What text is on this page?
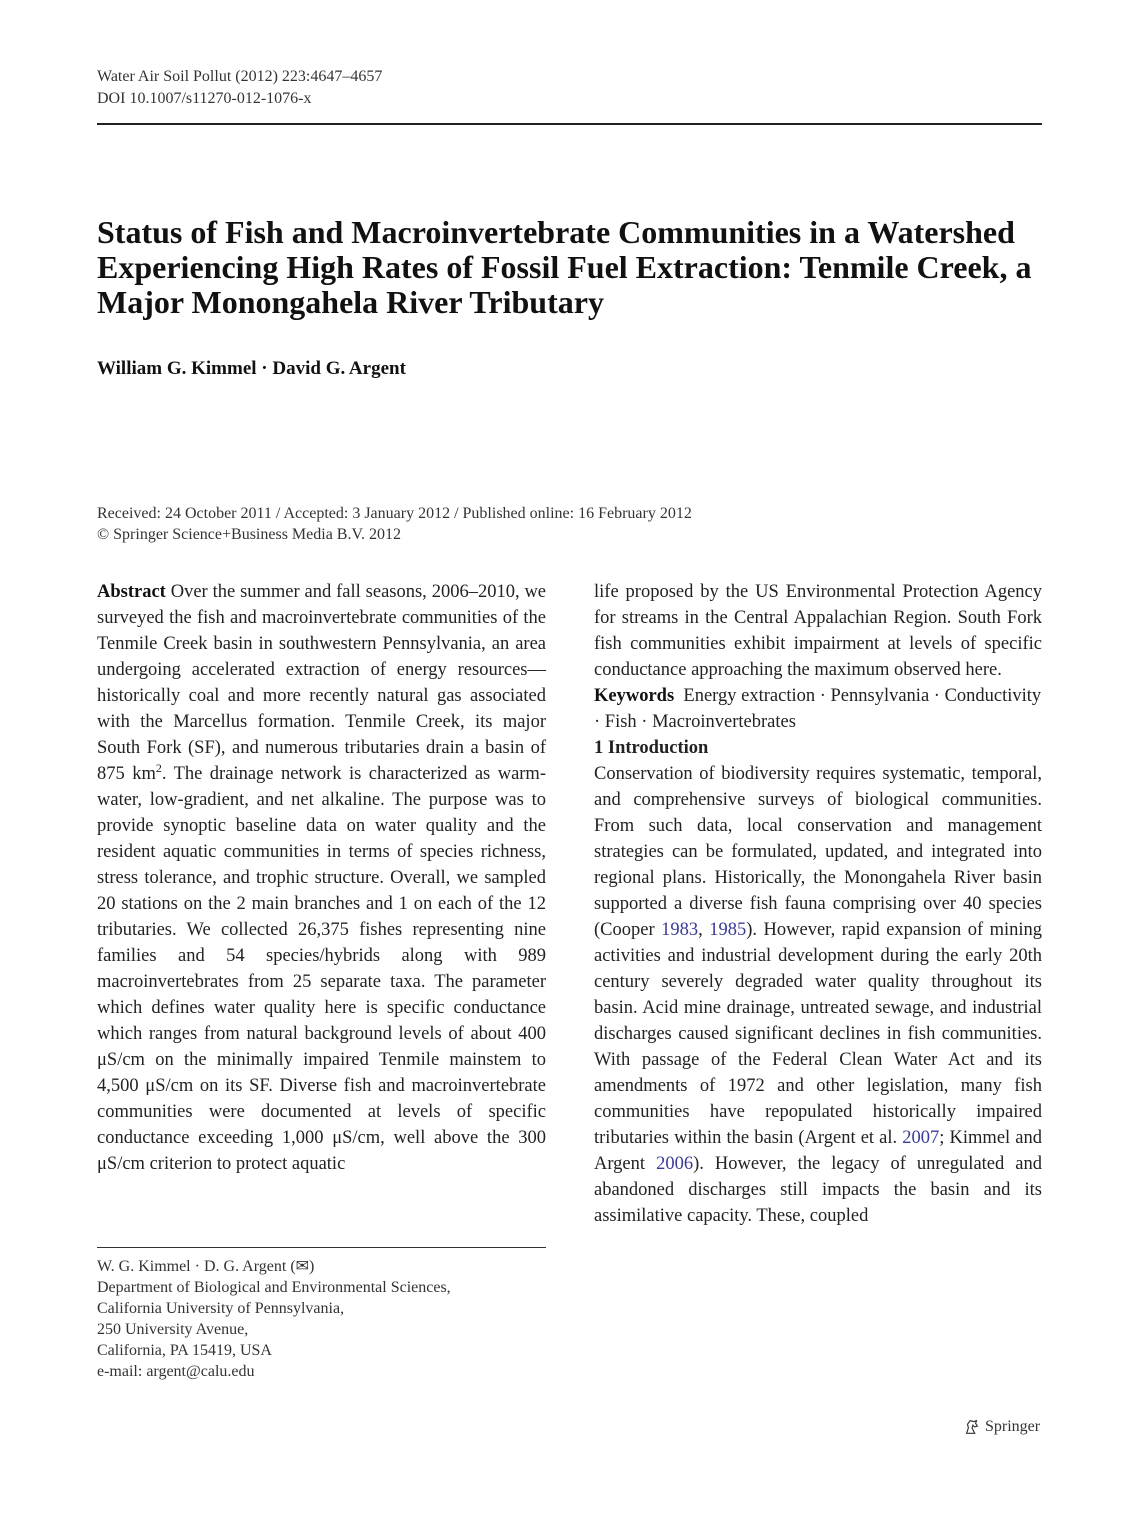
Water Air Soil Pollut (2012) 223:4647–4657
DOI 10.1007/s11270-012-1076-x
Status of Fish and Macroinvertebrate Communities in a Watershed Experiencing High Rates of Fossil Fuel Extraction: Tenmile Creek, a Major Monongahela River Tributary
William G. Kimmel · David G. Argent
Received: 24 October 2011 / Accepted: 3 January 2012 / Published online: 16 February 2012
© Springer Science+Business Media B.V. 2012

Abstract Over the summer and fall seasons, 2006–2010, we surveyed the fish and macroinvertebrate communities of the Tenmile Creek basin in southwestern Pennsylvania, an area undergoing accelerated extraction of energy resources—historically coal and more recently natural gas associated with the Marcellus formation. Tenmile Creek, its major South Fork (SF), and numerous tributaries drain a basin of 875 $km^2$. The drainage network is characterized as warm-water, low-gradient, and net alkaline. The purpose was to provide synoptic baseline data on water quality and the resident aquatic communities in terms of species richness, stress tolerance, and trophic structure. Overall, we sampled 20 stations on the 2 main branches and 1 on each of the 12 tributaries. We collected 26,375 fishes representing nine families and 54 species/hybrids along with 989 macroinvertebrates from 25 separate taxa. The parameter which defines water quality here is specific conductance which ranges from natural background levels of about 400 μS/cm on the minimally impaired Tenmile mainstem to 4,500 μS/cm on its SF. Diverse fish and macroinvertebrate communities were documented at levels of specific conductance exceeding 1,000 μS/cm, well above the 300 μS/cm criterion to protect aquatic

W. G. Kimmel · D. G. Argent (✉)
Department of Biological and Environmental Sciences,
California University of Pennsylvania,
250 University Avenue,
California, PA 15419, USA
e-mail: argent@calu.edu

life proposed by the US Environmental Protection Agency for streams in the Central Appalachian Region. South Fork fish communities exhibit impairment at levels of specific conductance approaching the maximum observed here.

Keywords Energy extraction · Pennsylvania · Conductivity · Fish · Macroinvertebrates

1 Introduction

Conservation of biodiversity requires systematic, temporal, and comprehensive surveys of biological communities. From such data, local conservation and management strategies can be formulated, updated, and integrated into regional plans. Historically, the Monongahela River basin supported a diverse fish fauna comprising over 40 species (Cooper 1983, 1985). However, rapid expansion of mining activities and industrial development during the early 20th century severely degraded water quality throughout its basin. Acid mine drainage, untreated sewage, and industrial discharges caused significant declines in fish communities. With passage of the Federal Clean Water Act and its amendments of 1972 and other legislation, many fish communities have repopulated historically impaired tributaries within the basin (Argent et al. 2007; Kimmel and Argent 2006). However, the legacy of unregulated and abandoned discharges still impacts the basin and its assimilative capacity. These, coupled

Springer
